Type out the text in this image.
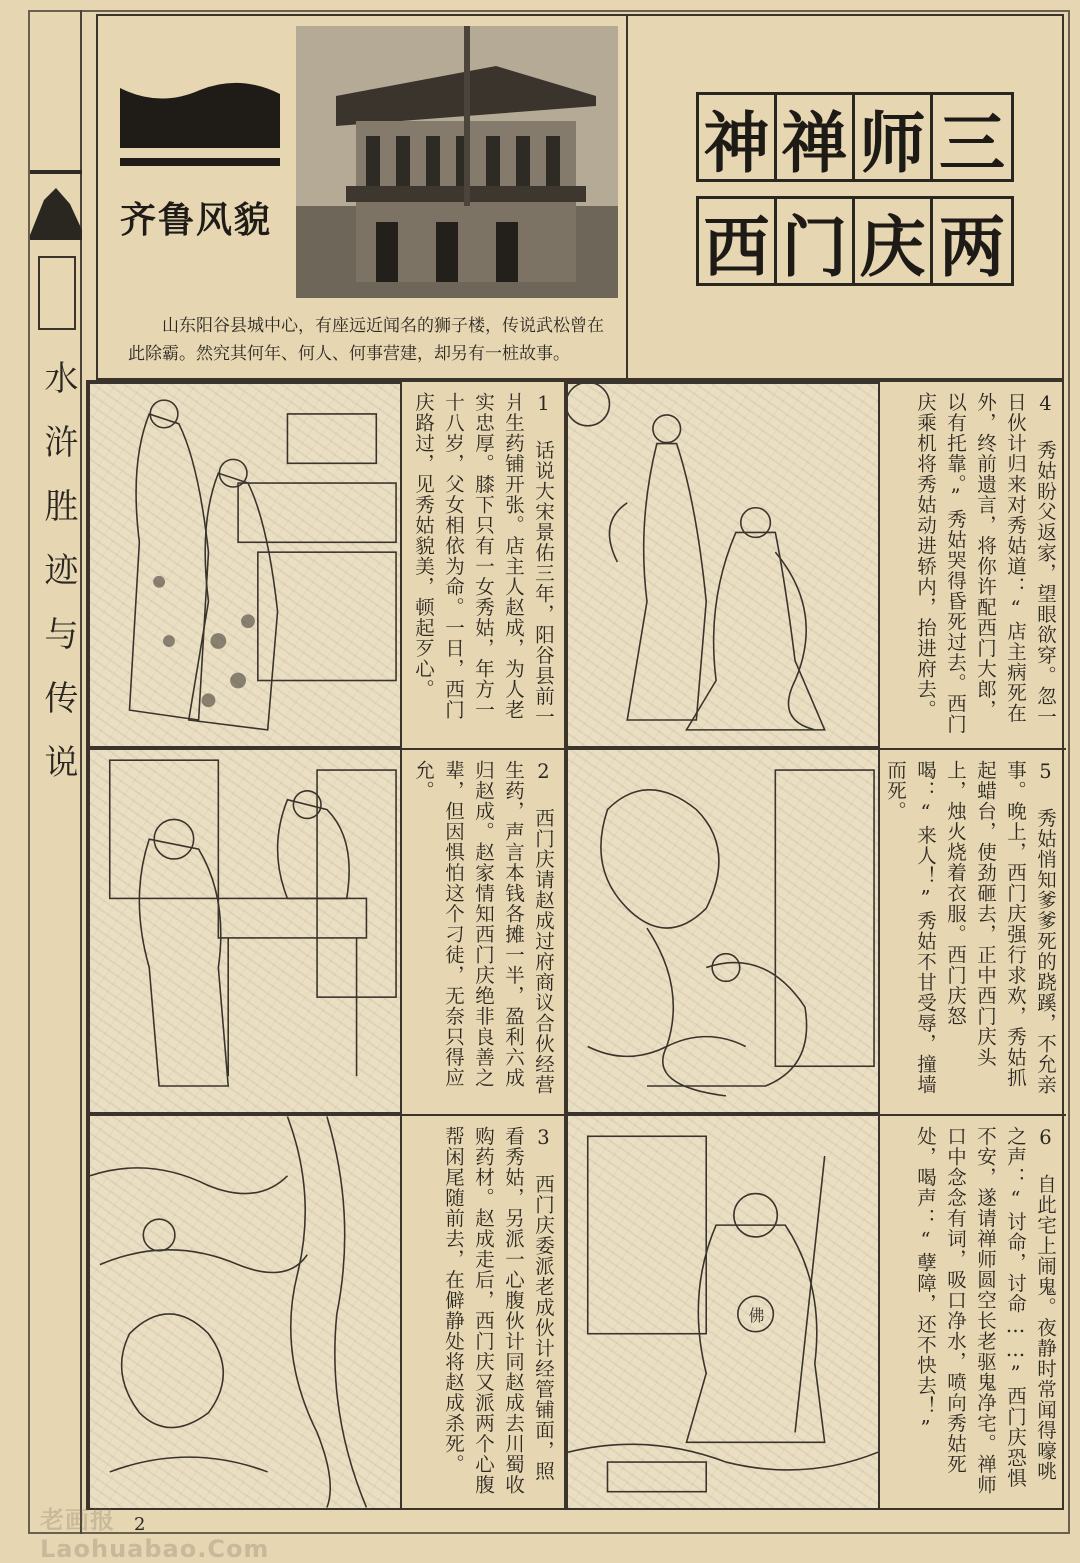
水浒胜迹与传说
齐鲁风貌
山东阳谷县城中心，有座远近闻名的狮子楼，传说武松曾在此除霸。然究其何年、何人、何事营建，却另有一桩故事。
神 禅 师 三
西 门 庆 两
1 话说大宋景佑三年，阳谷县前一爿生药铺开张。店主人赵成，为人老实忠厚。膝下只有一女秀姑，年方一十八岁，父女相依为命。一日，西门庆路过，见秀姑貌美，顿起歹心。	4 秀姑盼父返家，望眼欲穿。忽一日伙计归来对秀姑道：“店主病死在外，终前遗言，将你许配西门大郎，以有托靠。”秀姑哭得昏死过去。西门庆乘机将秀姑动进轿内，抬进府去。
2 西门庆请赵成过府商议合伙经营生药，声言本钱各摊一半，盈利六成归赵成。赵家情知西门庆绝非良善之辈，但因惧怕这个刁徒，无奈只得应允。	5 秀姑悄知爹爹死的跷蹊，不允亲事。晚上，西门庆强行求欢，秀姑抓起蜡台，使劲砸去，正中西门庆头上，烛火烧着衣服。西门庆怒喝：“来人！”秀姑不甘受辱，撞墙而死。
3 西门庆委派老成伙计经管铺面，照看秀姑，另派一心腹伙计同赵成去川蜀收购药材。赵成走后，西门庆又派两个心腹帮闲尾随前去，在僻静处将赵成杀死。	佛
6 自此宅上闹鬼。夜静时常闻得嚎咷之声：“讨命，讨命……”西门庆恐惧不安，遂请禅师圆空长老驱鬼净宅。禅师口中念念有词，吸口净水，喷向秀姑死处，喝声：“孽障，还不快去！”
2
老画报 Laohuabao.Com
